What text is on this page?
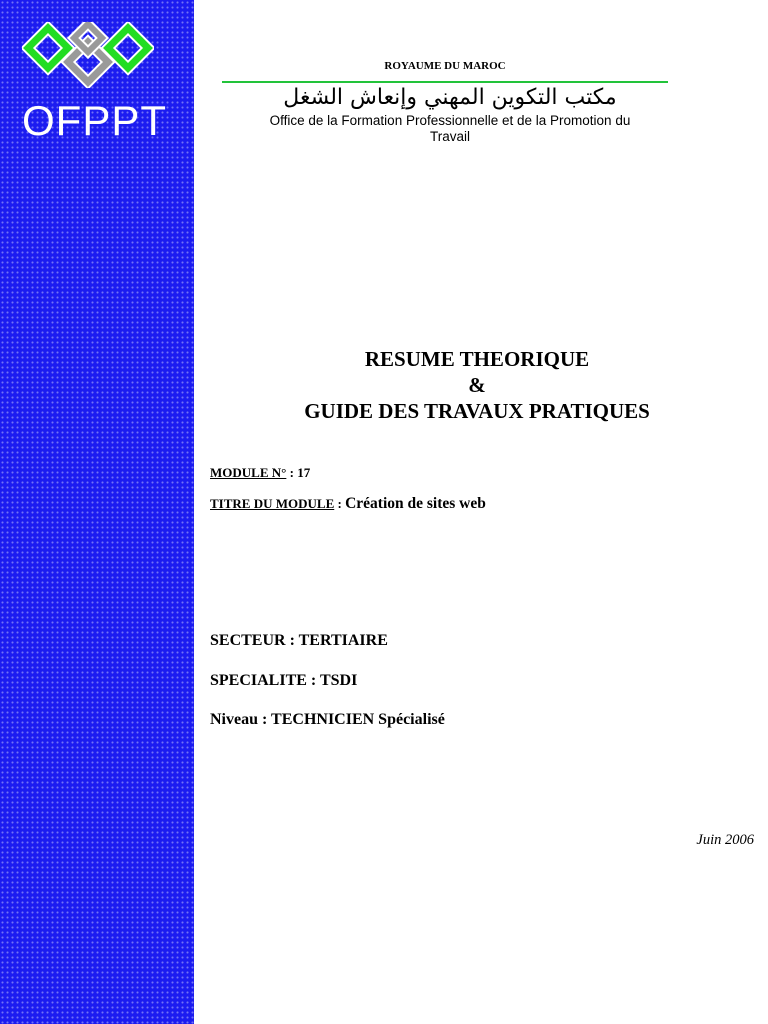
OFPPT
ROYAUME DU MAROC
مكتب التكوين المهني وإنعاش الشغل
Office de la Formation Professionnelle et de la Promotion du
Travail
RESUME THEORIQUE
&
GUIDE DES TRAVAUX PRATIQUES
MODULE N° : 17
TITRE DU MODULE : Création de sites web
SECTEUR : TERTIAIRE
SPECIALITE : TSDI
Niveau : TECHNICIEN Spécialisé
Juin 2006
